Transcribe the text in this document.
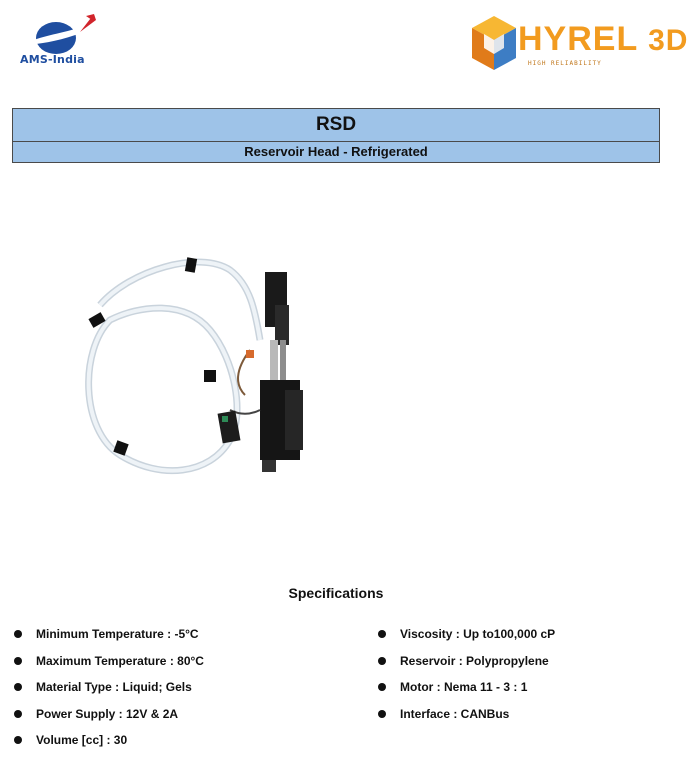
AMS-India
HYREL 3D
HIGH RELIABILITY
RSD
Reservoir Head - Refrigerated
Specifications
Minimum Temperature : -5°C
Maximum Temperature : 80°C
Material Type : Liquid; Gels
Power Supply : 12V & 2A
Volume [cc] : 30
Viscosity : Up to100,000 cP
Reservoir : Polypropylene
Motor : Nema 11 - 3 : 1
Interface : CANBus
